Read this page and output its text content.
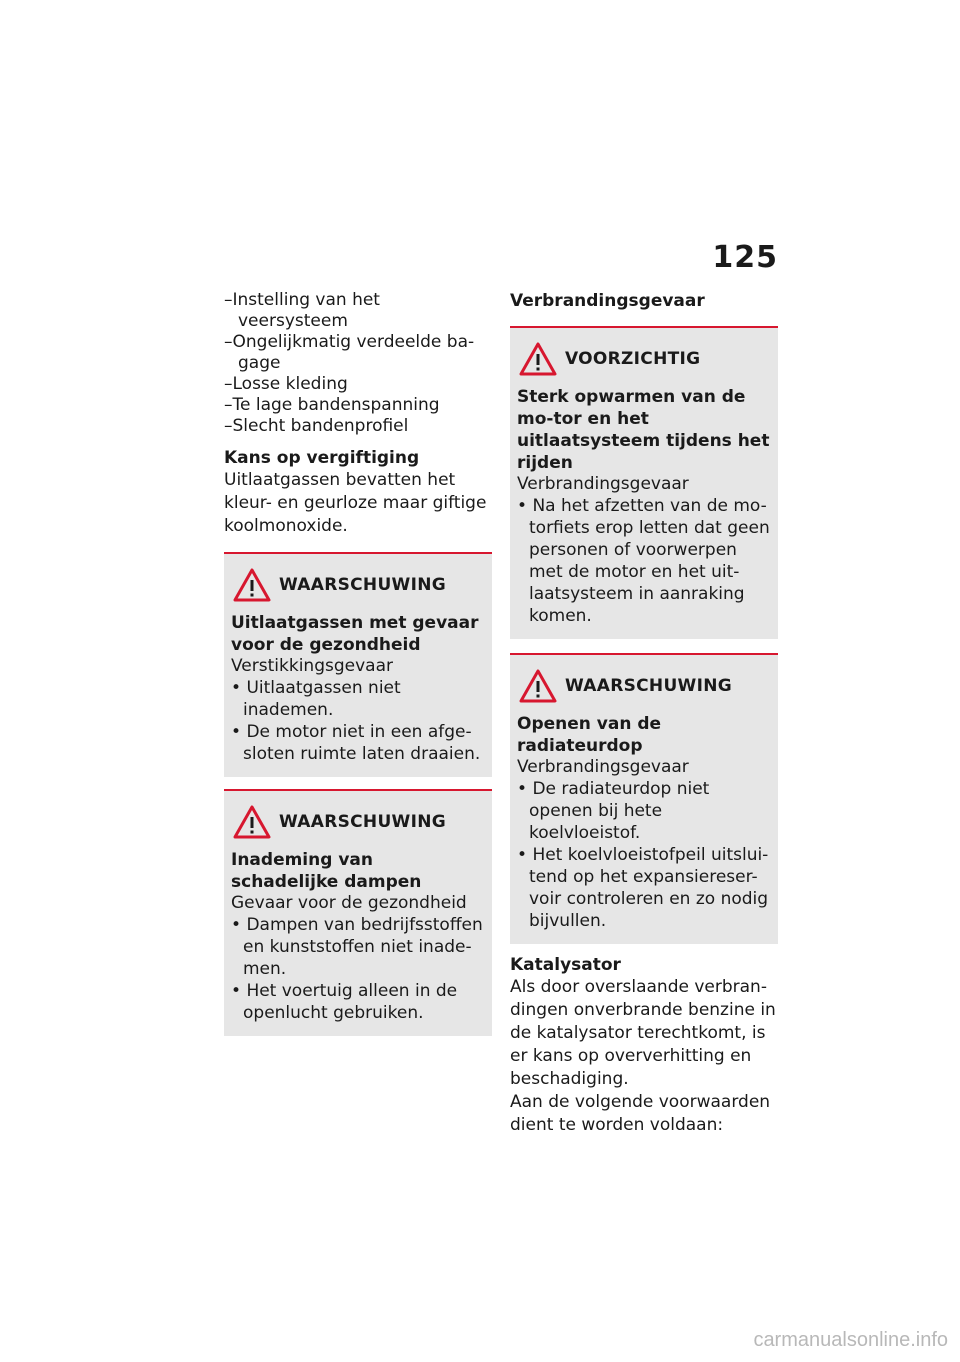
125
– Instelling van het veersysteem
– Ongelijkmatig verdeelde ba-gage
– Losse kleding
– Te lage bandenspanning
– Slecht bandenprofiel

Kans op vergiftiging

Uitlaatgassen bevatten het kleur- en geurloze maar giftige koolmonoxide.

WAARSCHUWING

Uitlaatgassen met gevaar voor de gezondheid

Verstikkingsgevaar

• Uitlaatgassen niet inademen.
• De motor niet in een afge-sloten ruimte laten draaien.
WAARSCHUWING

Inademing van schadelijke dampen

Gevaar voor de gezondheid

• Dampen van bedrijfsstoffen en kunststoffen niet inade-men.
• Het voertuig alleen in de openlucht gebruiken.

Verbrandingsgevaar

VOORZICHTIG

Sterk opwarmen van de mo-tor en het uitlaatsysteem tijdens het rijden

Verbrandingsgevaar

• Na het afzetten van de mo-torfiets erop letten dat geen personen of voorwerpen met de motor en het uit-laatsysteem in aanraking komen.
WAARSCHUWING

Openen van de radiateurdop

Verbrandingsgevaar

• De radiateurdop niet openen bij hete koelvloeistof.
• Het koelvloeistofpeil uitslui-tend op het expansiereser-voir controleren en zo nodig bijvullen.

Katalysator

Als door overslaande verbran-dingen onverbrande benzine in de katalysator terechtkomt, is er kans op oververhitting en beschadiging.

Aan de volgende voorwaarden dient te worden voldaan:

carmanualsonline.info
